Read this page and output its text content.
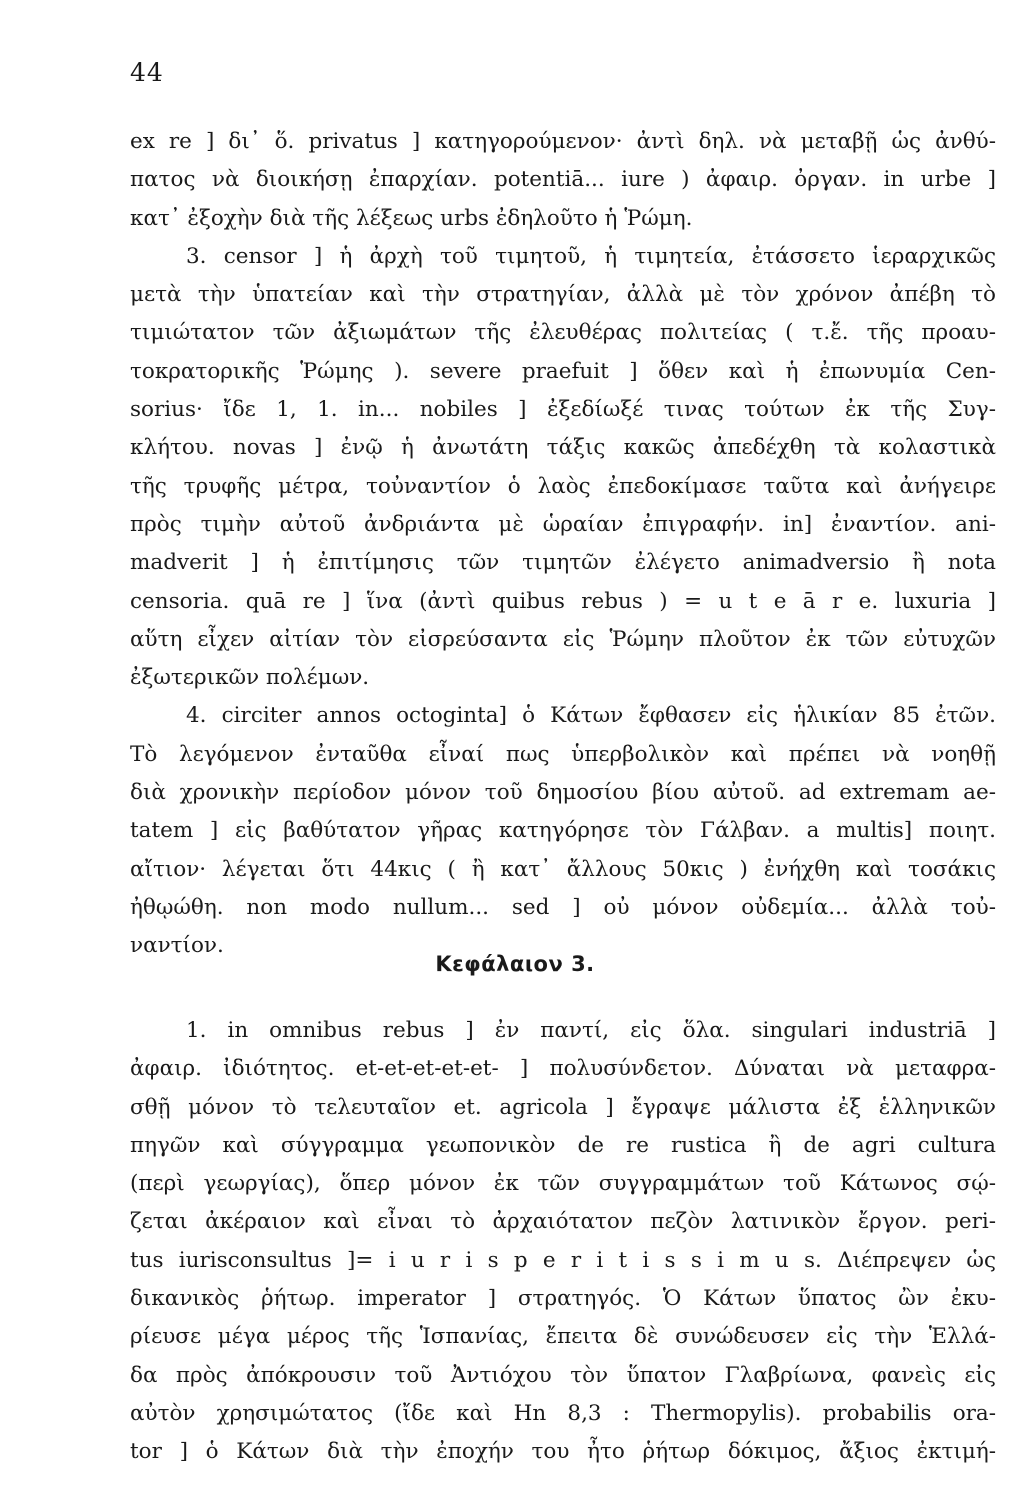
44
ex re ] δι᾽ ὅ. privatus ] κατηγορούμενον· ἀντὶ δηλ. νὰ μεταβῇ ὡς ἀνθύ-
πατος νὰ διοικήσῃ ἐπαρχίαν. potentiā... iure ) ἀφαιρ. ὀργαν. in urbe ]
κατ᾽ ἐξοχὴν διὰ τῆς λέξεως urbs ἐδηλοῦτο ἡ Ῥώμη.
3. censor ] ἡ ἀρχὴ τοῦ τιμητοῦ, ἡ τιμητεία, ἐτάσσετο ἱεραρχικῶς
μετὰ τὴν ὑπατείαν καὶ τὴν στρατηγίαν, ἀλλὰ μὲ τὸν χρόνον ἀπέβη τὸ
τιμιώτατον τῶν ἀξιωμάτων τῆς ἐλευθέρας πολιτείας ( τ.ἔ. τῆς προαυ-
τοκρατορικῆς Ῥώμης ). severe praefuit ] ὅθεν καὶ ἡ ἐπωνυμία Cen-
sorius· ἴδε 1, 1. in... nobiles ] ἐξεδίωξέ τινας τούτων ἐκ τῆς Συγ-
κλήτου. novas ] ἐνῷ ἡ ἀνωτάτη τάξις κακῶς ἀπεδέχθη τὰ κολαστικὰ
τῆς τρυφῆς μέτρα, τοὐναντίον ὁ λαὸς ἐπεδοκίμασε ταῦτα καὶ ἀνήγειρε
πρὸς τιμὴν αὐτοῦ ἀνδριάντα μὲ ὡραίαν ἐπιγραφήν. in] ἐναντίον. ani-
madverit ] ἡ ἐπιτίμησις τῶν τιμητῶν ἐλέγετο animadversio ἢ nota
censoria. quā re ] ἵνα (ἀντὶ quibus rebus ) = u t e ā r e. luxuria ]
αὕτη εἶχεν αἰτίαν τὸν εἰσρεύσαντα εἰς Ῥώμην πλοῦτον ἐκ τῶν εὐτυχῶν
ἐξωτερικῶν πολέμων.
4. circiter annos octoginta] ὁ Κάτων ἔφθασεν εἰς ἡλικίαν 85 ἐτῶν.
Τὸ λεγόμενον ἐνταῦθα εἶναί πως ὑπερβολικὸν καὶ πρέπει νὰ νοηθῇ
διὰ χρονικὴν περίοδον μόνον τοῦ δημοσίου βίου αὐτοῦ. ad extremam ae-
tatem ] εἰς βαθύτατον γῆρας κατηγόρησε τὸν Γάλβαν. a multis] ποιητ.
αἴτιον· λέγεται ὅτι 44κις ( ἢ κατ᾽ ἄλλους 50κις ) ἐνήχθη καὶ τοσάκις
ἠθῳώθη. non modo nullum... sed ] οὐ μόνον οὐδεμία... ἀλλὰ τοὐ-
ναντίον.
Κεφάλαιον 3.
1. in omnibus rebus ] ἐν παντί, εἰς ὅλα. singulari industriā ]
ἀφαιρ. ἰδιότητος. et-et-et-et-et- ] πολυσύνδετον. Δύναται νὰ μεταφρα-
σθῇ μόνον τὸ τελευταῖον et. agricola ] ἔγραψε μάλιστα ἐξ ἑλληνικῶν
πηγῶν καὶ σύγγραμμα γεωπονικὸν de re rustica ἢ de agri cultura
(περὶ γεωργίας), ὅπερ μόνον ἐκ τῶν συγγραμμάτων τοῦ Κάτωνος σῴ-
ζεται ἀκέραιον καὶ εἶναι τὸ ἀρχαιότατον πεζὸν λατινικὸν ἔργον. peri-
tus iurisconsultus ]= i u r i s p e r i t i s s i m u s. Διέπρεψεν ὡς
δικανικὸς ῥήτωρ. imperator ] στρατηγός. Ὁ Κάτων ὕπατος ὢν ἐκυ-
ρίευσε μέγα μέρος τῆς Ἱσπανίας, ἔπειτα δὲ συνώδευσεν εἰς τὴν Ἑλλά-
δα πρὸς ἀπόκρουσιν τοῦ Ἀντιόχου τὸν ὕπατον Γλαβρίωνα, φανεὶς εἰς
αὐτὸν χρησιμώτατος (ἴδε καὶ Hn 8,3 : Thermopylis). probabilis ora-
tor ] ὁ Κάτων διὰ τὴν ἐποχήν του ἦτο ῥήτωρ δόκιμος, ἄξιος ἐκτιμή-
